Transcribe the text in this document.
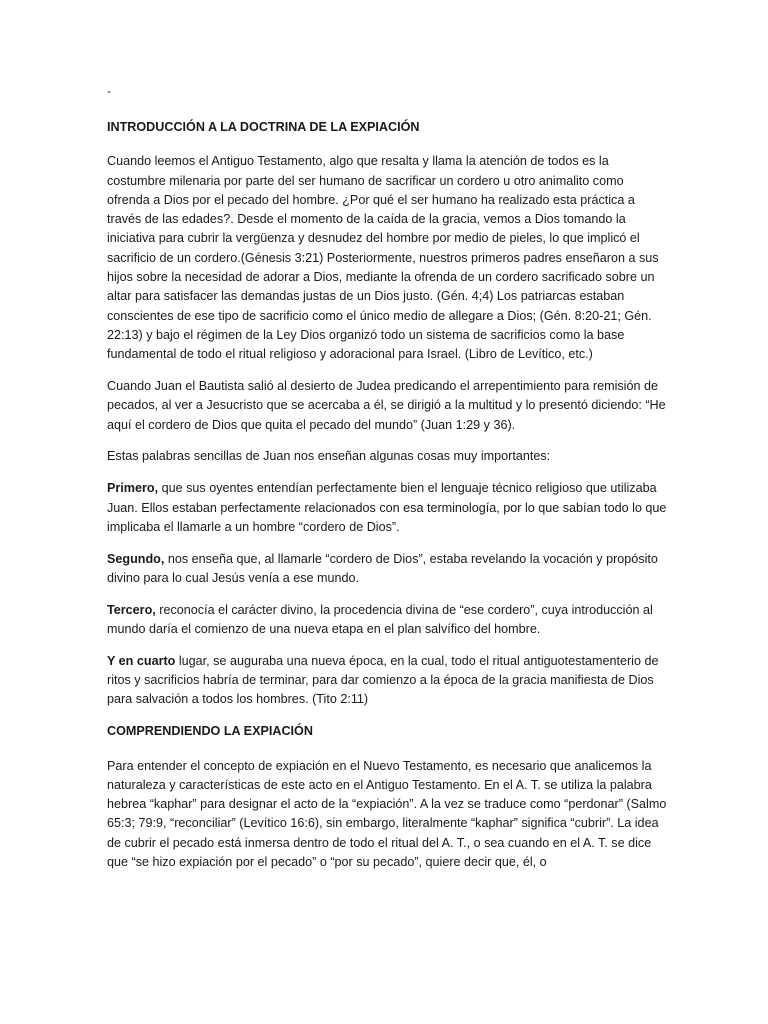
-
INTRODUCCIÓN A LA DOCTRINA DE LA EXPIACIÓN

Cuando leemos el Antiguo Testamento, algo que resalta y llama la atención de todos es la costumbre milenaria por parte del ser humano de sacrificar un cordero u otro animalito como ofrenda a Dios por el pecado del hombre. ¿Por qué el ser humano ha realizado esta práctica a través de las edades?. Desde el momento de la caída de la gracia, vemos a Dios tomando la iniciativa para cubrir la vergüenza y desnudez del hombre por medio de pieles, lo que implicó el sacrificio de un cordero.(Génesis 3:21) Posteriormente, nuestros primeros padres enseñaron a sus hijos sobre la necesidad de adorar a Dios, mediante la ofrenda de un cordero sacrificado sobre un altar para satisfacer las demandas justas de un Dios justo. (Gén. 4;4) Los patriarcas estaban conscientes de ese tipo de sacrificio como el único medio de allegare a Dios; (Gén. 8:20-21; Gén. 22:13) y bajo el régimen de la Ley Dios organizó todo un sistema de sacrificios como la base fundamental de todo el ritual religioso y adoracional para Israel. (Libro de Levítico, etc.)

Cuando Juan el Bautista salió al desierto de Judea predicando el arrepentimiento para remisión de pecados, al ver a Jesucristo que se acercaba a él, se dirigió a la multitud y lo presentó diciendo: “He aquí el cordero de Dios que quita el pecado del mundo” (Juan 1:29 y 36).

Estas palabras sencillas de Juan nos enseñan algunas cosas muy importantes:

Primero, que sus oyentes entendían perfectamente bien el lenguaje técnico religioso que utilizaba Juan. Ellos estaban perfectamente relacionados con esa terminología, por lo que sabían todo lo que implicaba el llamarle a un hombre “cordero de Dios”.

Segundo, nos enseña que, al llamarle “cordero de Dios”, estaba revelando la vocación y propósito divino para lo cual Jesús venía a ese mundo.

Tercero, reconocía el carácter divino, la procedencia divina de “ese cordero”, cuya introducción al mundo daría el comienzo de una nueva etapa en el plan salvífico del hombre.

Y en cuarto lugar, se auguraba una nueva época, en la cual, todo el ritual antiguotestamenterio de ritos y sacrificios habría de terminar, para dar comienzo a la época de la gracia manifiesta de Dios para salvación a todos los hombres. (Tito 2:11)

COMPRENDIENDO LA EXPIACIÓN

Para entender el concepto de expiación en el Nuevo Testamento, es necesario que analicemos la naturaleza y características de este acto en el Antiguo Testamento. En el A. T. se utiliza la palabra hebrea “kaphar” para designar el acto de la “expiación”. A la vez se traduce como “perdonar” (Salmo 65:3; 79:9, “reconciliar” (Levítico 16:6), sin embargo, literalmente “kaphar” significa “cubrir”. La idea de cubrir el pecado está inmersa dentro de todo el ritual del A. T., o sea cuando en el A. T. se dice que “se hizo expiación por el pecado” o “por su pecado”, quiere decir que, él, o
